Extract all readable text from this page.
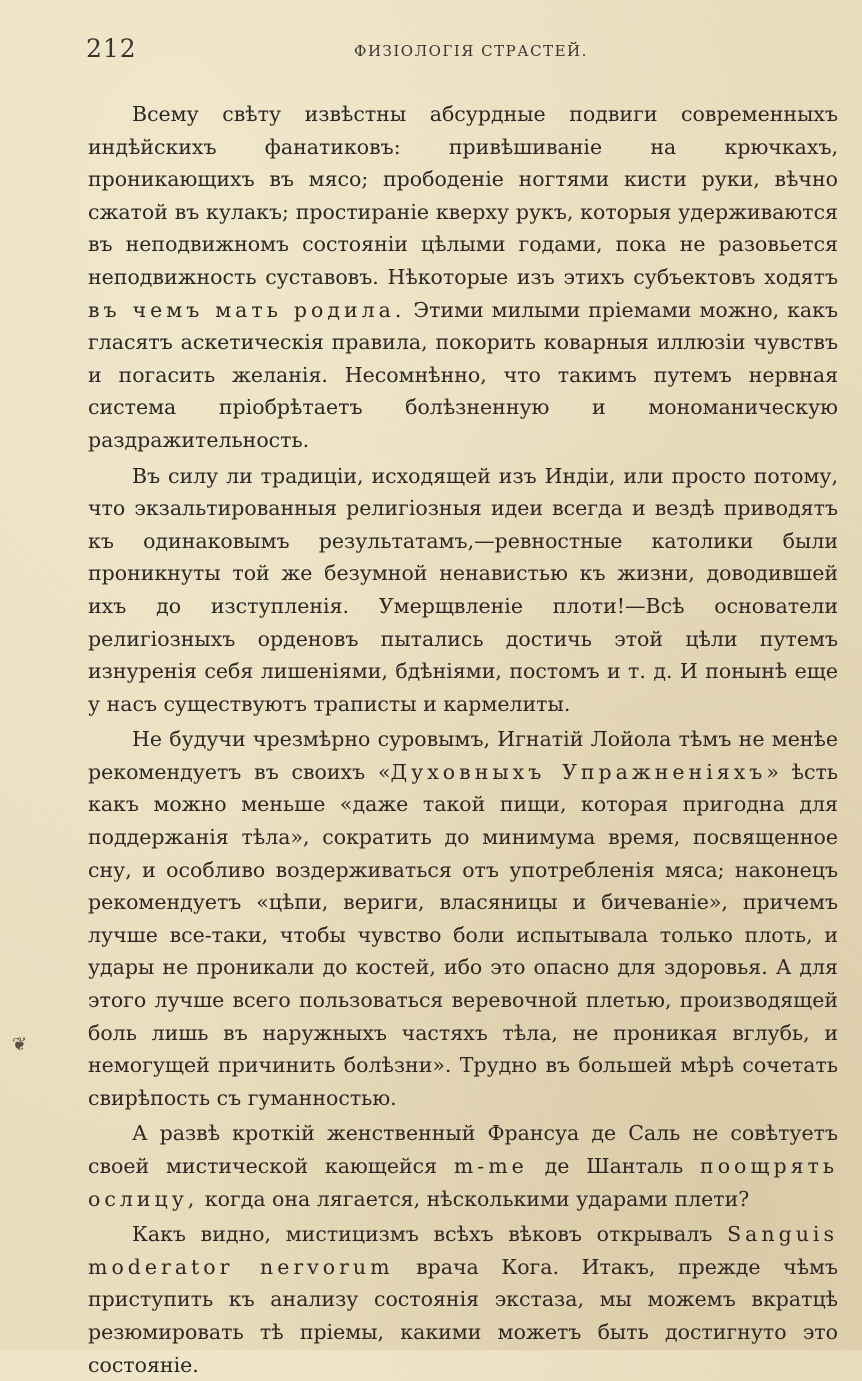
212	ФИЗІОЛОГІЯ СТРАСТЕЙ.
❦

Всему свѣту извѣстны абсурдные подвиги современныхъ индѣйскихъ фанатиковъ: привѣшиваніе на крючкахъ, проникающихъ въ мясо; прободеніе ногтями кисти руки, вѣчно сжатой въ кулакъ; простираніе кверху рукъ, которыя удерживаются въ неподвижномъ состояніи цѣлыми годами, пока не разовьется неподвижность суставовъ. Нѣкоторые изъ этихъ субъектовъ ходятъ въ чемъ мать родила. Этими милыми пріемами можно, какъ гласятъ аскетическія правила, покорить коварныя иллюзіи чувствъ и погасить желанія. Несомнѣнно, что такимъ путемъ нервная система пріобрѣтаетъ болѣзненную и мономаническую раздражительность.

Въ силу ли традиціи, исходящей изъ Индіи, или просто потому, что экзальтированныя религіозныя идеи всегда и вездѣ приводятъ къ одинаковымъ результатамъ,—ревностные католики были проникнуты той же безумной ненавистью къ жизни, доводившей ихъ до изступленія. Умерщвленіе плоти!—Всѣ основатели религіозныхъ орденовъ пытались достичь этой цѣли путемъ изнуренія себя лишеніями, бдѣніями, постомъ и т. д. И понынѣ еще у насъ существуютъ траписты и кармелиты.

Не будучи чрезмѣрно суровымъ, Игнатій Лойола тѣмъ не менѣе рекомендуетъ въ своихъ «Духовныхъ Упражненіяхъ» ѣсть какъ можно меньше «даже такой пищи, которая пригодна для поддержанія тѣла», сократить до минимума время, посвященное сну, и особливо воздерживаться отъ употребленія мяса; наконецъ рекомендуетъ «цѣпи, вериги, власяницы и бичеваніе», причемъ лучше все-таки, чтобы чувство боли испытывала только плоть, и удары не проникали до костей, ибо это опасно для здоровья. А для этого лучше всего пользоваться веревочной плетью, производящей боль лишь въ наружныхъ частяхъ тѣла, не проникая вглубь, и немогущей причинить болѣзни». Трудно въ большей мѣрѣ сочетать свирѣпость съ гуманностью.

А развѣ кроткій женственный Франсуа де Саль не совѣтуетъ своей мистической кающейся m-me де Шанталь поощрять ослицу, когда она лягается, нѣсколькими ударами плети?

Какъ видно, мистицизмъ всѣхъ вѣковъ открывалъ Sanguis moderator nervorum врача Кога. Итакъ, прежде чѣмъ приступить къ анализу состоянія экстаза, мы можемъ вкратцѣ резюмировать тѣ пріемы, какими можетъ быть достигнуто это состояніе.
